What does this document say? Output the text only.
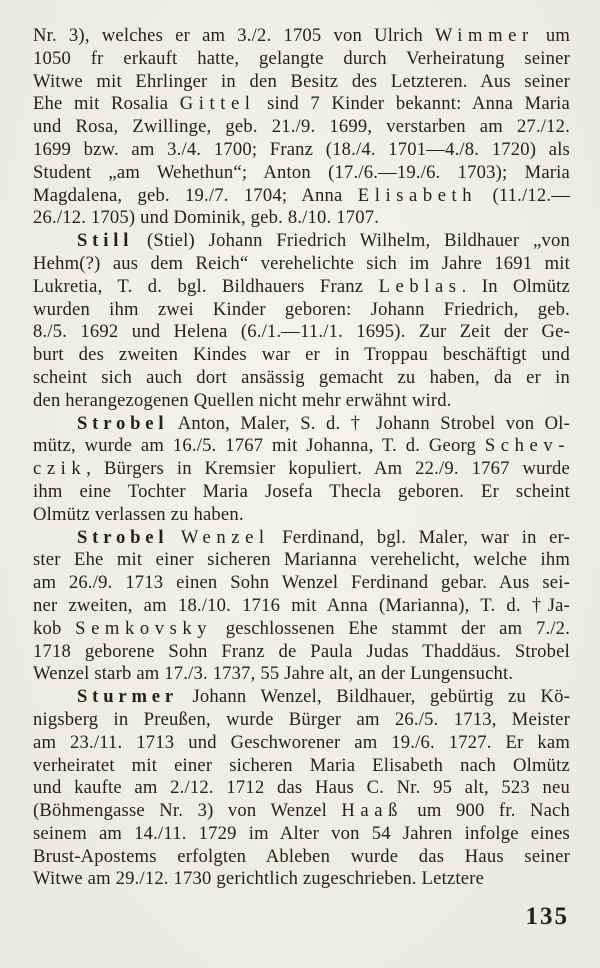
Nr. 3), welches er am 3./2. 1705 von Ulrich Wimmer um
1050 fr erkauft hatte, gelangte durch Verheiratung seiner
Witwe mit Ehrlinger in den Besitz des Letzteren. Aus seiner
Ehe mit Rosalia Gittel sind 7 Kinder bekannt: Anna Maria
und Rosa, Zwillinge, geb. 21./9. 1699, verstarben am 27./12.
1699 bzw. am 3./4. 1700; Franz (18./4. 1701—4./8. 1720) als
Student „am Wehethun“; Anton (17./6.—19./6. 1703); Maria
Magdalena, geb. 19./7. 1704; Anna Elisabeth (11./12.—
26./12. 1705) und Dominik, geb. 8./10. 1707.
Still (Stiel) Johann Friedrich Wilhelm, Bildhauer „von
Hehm(?) aus dem Reich“ verehelichte sich im Jahre 1691 mit
Lukretia, T. d. bgl. Bildhauers Franz Leblas. In Olmütz
wurden ihm zwei Kinder geboren: Johann Friedrich, geb.
8./5. 1692 und Helena (6./1.—11./1. 1695). Zur Zeit der Ge-
burt des zweiten Kindes war er in Troppau beschäftigt und
scheint sich auch dort ansässig gemacht zu haben, da er in
den herangezogenen Quellen nicht mehr erwähnt wird.
Strobel Anton, Maler, S. d. † Johann Strobel von Ol-
mütz, wurde am 16./5. 1767 mit Johanna, T. d. Georg Schev-
czik, Bürgers in Kremsier kopuliert. Am 22./9. 1767 wurde
ihm eine Tochter Maria Josefa Thecla geboren. Er scheint
Olmütz verlassen zu haben.
Strobel Wenzel Ferdinand, bgl. Maler, war in er-
ster Ehe mit einer sicheren Marianna verehelicht, welche ihm
am 26./9. 1713 einen Sohn Wenzel Ferdinand gebar. Aus sei-
ner zweiten, am 18./10. 1716 mit Anna (Marianna), T. d. †Ja-
kob Semkovsky geschlossenen Ehe stammt der am 7./2.
1718 geborene Sohn Franz de Paula Judas Thaddäus. Strobel
Wenzel starb am 17./3. 1737, 55 Jahre alt, an der Lungensucht.
Sturmer Johann Wenzel, Bildhauer, gebürtig zu Kö-
nigsberg in Preußen, wurde Bürger am 26./5. 1713, Meister
am 23./11. 1713 und Geschworener am 19./6. 1727. Er kam
verheiratet mit einer sicheren Maria Elisabeth nach Olmütz
und kaufte am 2./12. 1712 das Haus C. Nr. 95 alt, 523 neu
(Böhmengasse Nr. 3) von Wenzel Haaß um 900 fr. Nach
seinem am 14./11. 1729 im Alter von 54 Jahren infolge eines
Brust-Apostems erfolgten Ableben wurde das Haus seiner
Witwe am 29./12. 1730 gerichtlich zugeschrieben. Letztere
135
